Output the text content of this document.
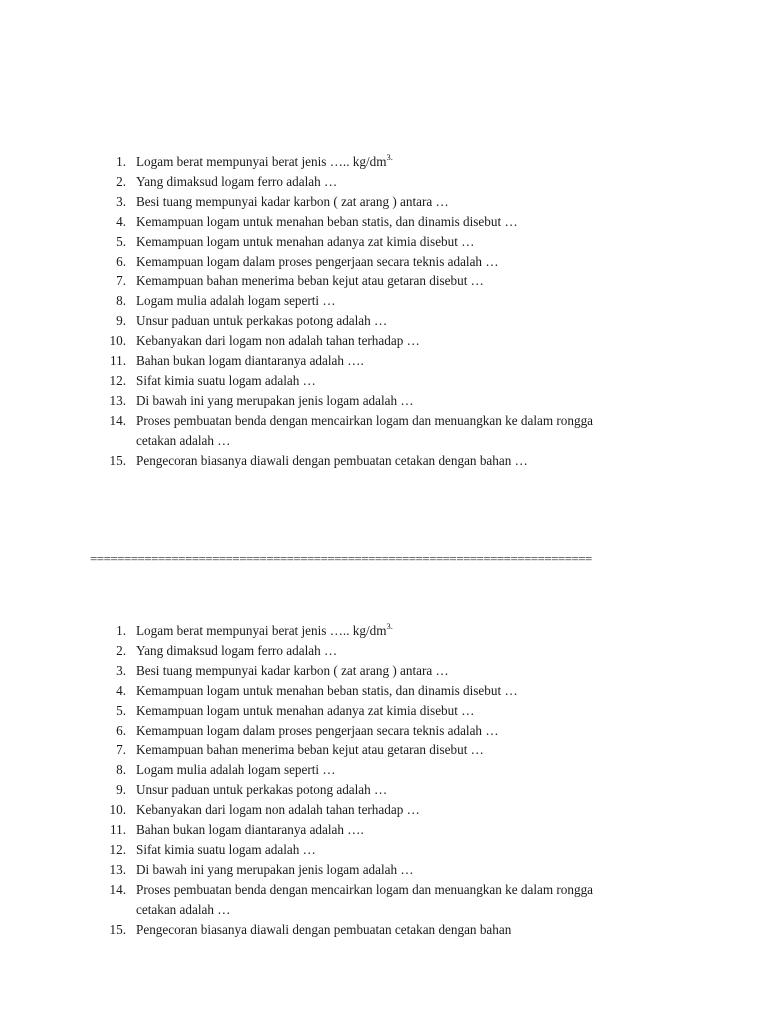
1. Logam berat mempunyai berat jenis ….. $kg/dm^{3.}$
2. Yang dimaksud logam ferro adalah …
3. Besi tuang mempunyai kadar karbon ( zat arang ) antara …
4. Kemampuan logam untuk menahan beban statis, dan dinamis disebut …
5. Kemampuan logam untuk menahan adanya zat kimia disebut …
6. Kemampuan logam dalam proses pengerjaan secara teknis adalah …
7. Kemampuan bahan menerima beban kejut atau getaran disebut …
8. Logam mulia adalah logam seperti …
9. Unsur paduan untuk perkakas potong adalah …
10. Kebanyakan dari logam non adalah tahan terhadap …
11. Bahan bukan logam diantaranya adalah ….
12. Sifat kimia suatu logam adalah …
13. Di bawah ini yang merupakan jenis logam adalah …
14. Proses pembuatan benda dengan mencairkan logam dan menuangkan ke dalam rongga
cetakan adalah …
15. Pengecoran biasanya diawali dengan pembuatan cetakan dengan bahan …
==========================================================================
1. Logam berat mempunyai berat jenis ….. $kg/dm^{3.}$
2. Yang dimaksud logam ferro adalah …
3. Besi tuang mempunyai kadar karbon ( zat arang ) antara …
4. Kemampuan logam untuk menahan beban statis, dan dinamis disebut …
5. Kemampuan logam untuk menahan adanya zat kimia disebut …
6. Kemampuan logam dalam proses pengerjaan secara teknis adalah …
7. Kemampuan bahan menerima beban kejut atau getaran disebut …
8. Logam mulia adalah logam seperti …
9. Unsur paduan untuk perkakas potong adalah …
10. Kebanyakan dari logam non adalah tahan terhadap …
11. Bahan bukan logam diantaranya adalah ….
12. Sifat kimia suatu logam adalah …
13. Di bawah ini yang merupakan jenis logam adalah …
14. Proses pembuatan benda dengan mencairkan logam dan menuangkan ke dalam rongga
cetakan adalah …
15. Pengecoran biasanya diawali dengan pembuatan cetakan dengan bahan
